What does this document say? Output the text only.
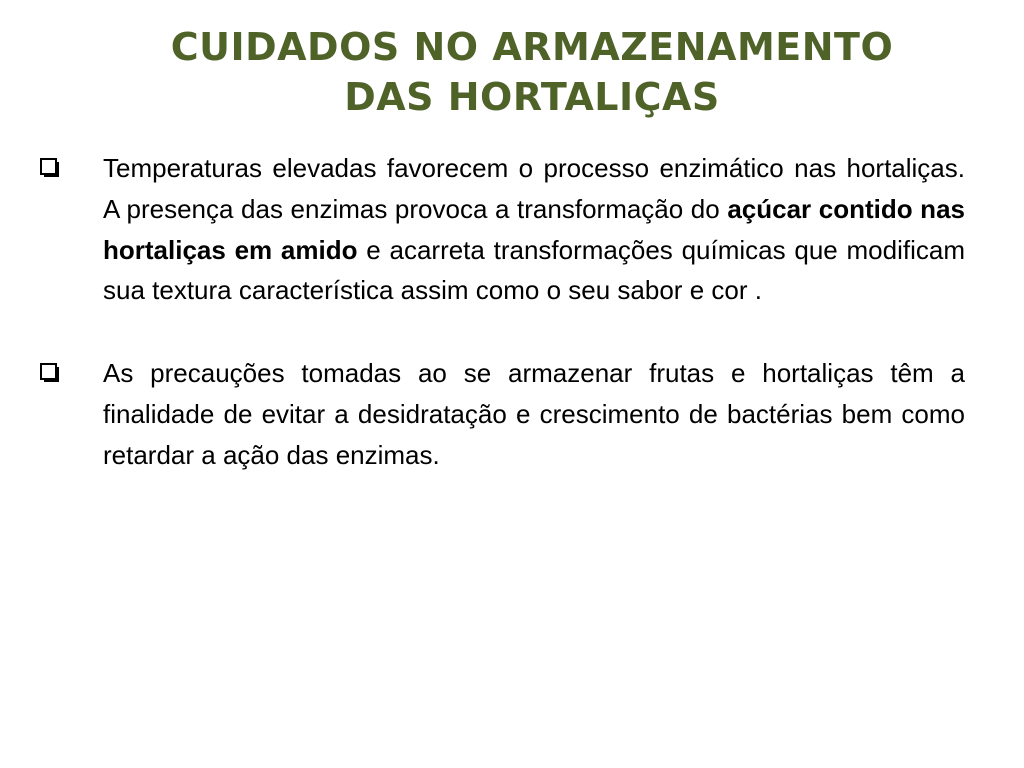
CUIDADOS NO ARMAZENAMENTO
DAS HORTALIÇAS

Temperaturas elevadas favorecem o processo enzimático nas hortaliças. A presença das enzimas provoca a transformação do açúcar contido nas hortaliças em amido e acarreta transformações químicas que modificam sua textura característica assim como o seu sabor e cor .

As precauções tomadas ao se armazenar frutas e hortaliças têm a finalidade de evitar a desidratação e crescimento de bactérias bem como retardar a ação das enzimas.
